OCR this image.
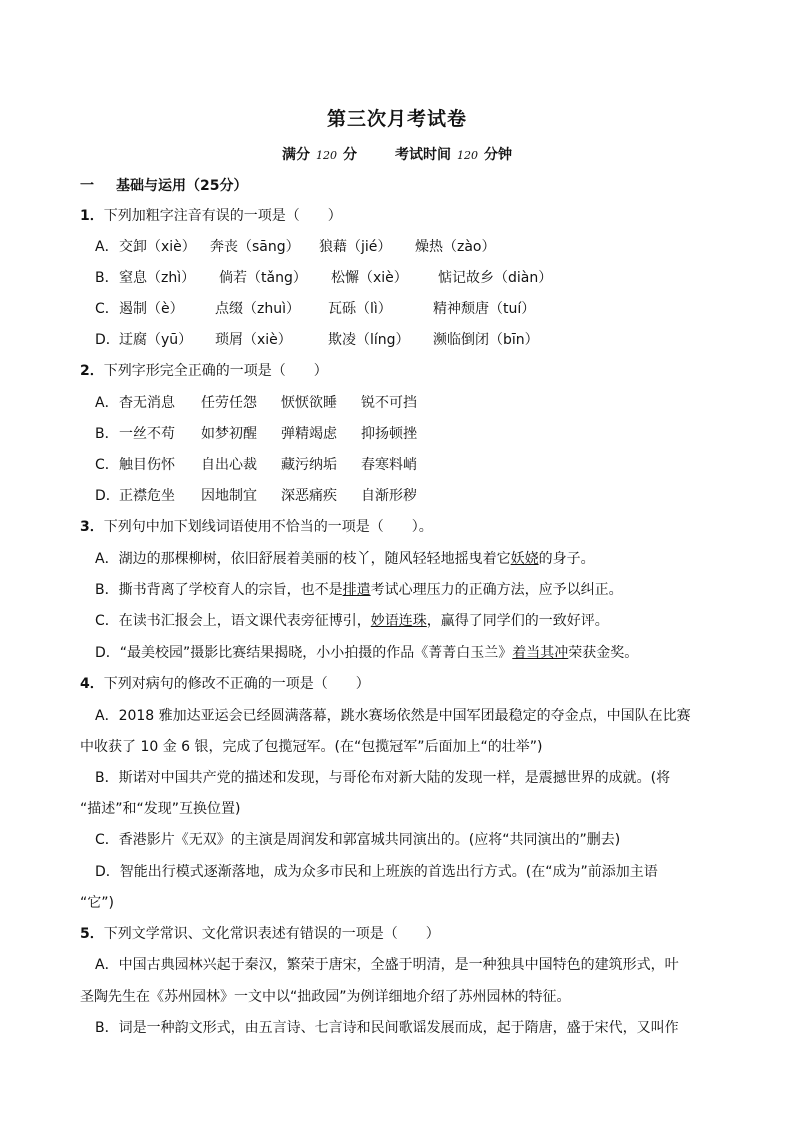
第三次月考试卷
满分 120 分	考试时间 120 分钟
一 基础与运用（25分）
1．下列加粗字注音有误的一项是（　　）
A． 交卸（xiè） 奔丧（sāng） 狼藉（jié） 燥热（zào）
B． 窒息（zhì） 倘若（tǎng） 松懈（xiè） 惦记故乡（diàn）
C． 遏制（è） 点缀（zhuì） 瓦砾（lì）	精神颓唐（tuí）
D． 迂腐（yū） 琐屑（xiè）	欺凌（líng） 濒临倒闭（bīn）
2．下列字形完全正确的一项是（　　）
A． 杳无消息 任劳任怨 恹恹欲睡 锐不可挡
B． 一丝不苟 如梦初醒 弹精竭虑 抑扬顿挫
C． 触目伤怀 自出心裁 藏污纳垢 春寒料峭
D． 正襟危坐 因地制宜 深恶痛疾 自渐形秽
3．下列句中加下划线词语使用不恰当的一项是（　　）。
A．湖边的那棵柳树，依旧舒展着美丽的枝丫，随风轻轻地摇曳着它妖娆的身子。
B．撕书背离了学校育人的宗旨，也不是排遣考试心理压力的正确方法，应予以纠正。
C．在读书汇报会上，语文课代表旁征博引，妙语连珠，赢得了同学们的一致好评。
D．“最美校园”摄影比赛结果揭晓，小小拍摄的作品《菁菁白玉兰》着当其冲荣获金奖。
4．下列对病句的修改不正确的一项是（　　）
A．2018 雅加达亚运会已经圆满落幕，跳水赛场依然是中国军团最稳定的夺金点，中国队在比赛
中收获了 10 金 6 银，完成了包揽冠军。(在“包揽冠军”后面加上“的壮举”)
B．斯诺对中国共产党的描述和发现，与哥伦布对新大陆的发现一样，是震撼世界的成就。(将
“描述”和“发现”互换位置)
C．香港影片《无双》的主演是周润发和郭富城共同演出的。(应将“共同演出的”删去)
D．智能出行模式逐渐落地，成为众多市民和上班族的首选出行方式。(在“成为”前添加主语
“它”)
5．下列文学常识、文化常识表述有错误的一项是（　　）
A．中国古典园林兴起于秦汉，繁荣于唐宋，全盛于明清，是一种独具中国特色的建筑形式，叶
圣陶先生在《苏州园林》一文中以“拙政园”为例详细地介绍了苏州园林的特征。
B．词是一种韵文形式，由五言诗、七言诗和民间歌谣发展而成，起于隋唐，盛于宋代，又叫作
